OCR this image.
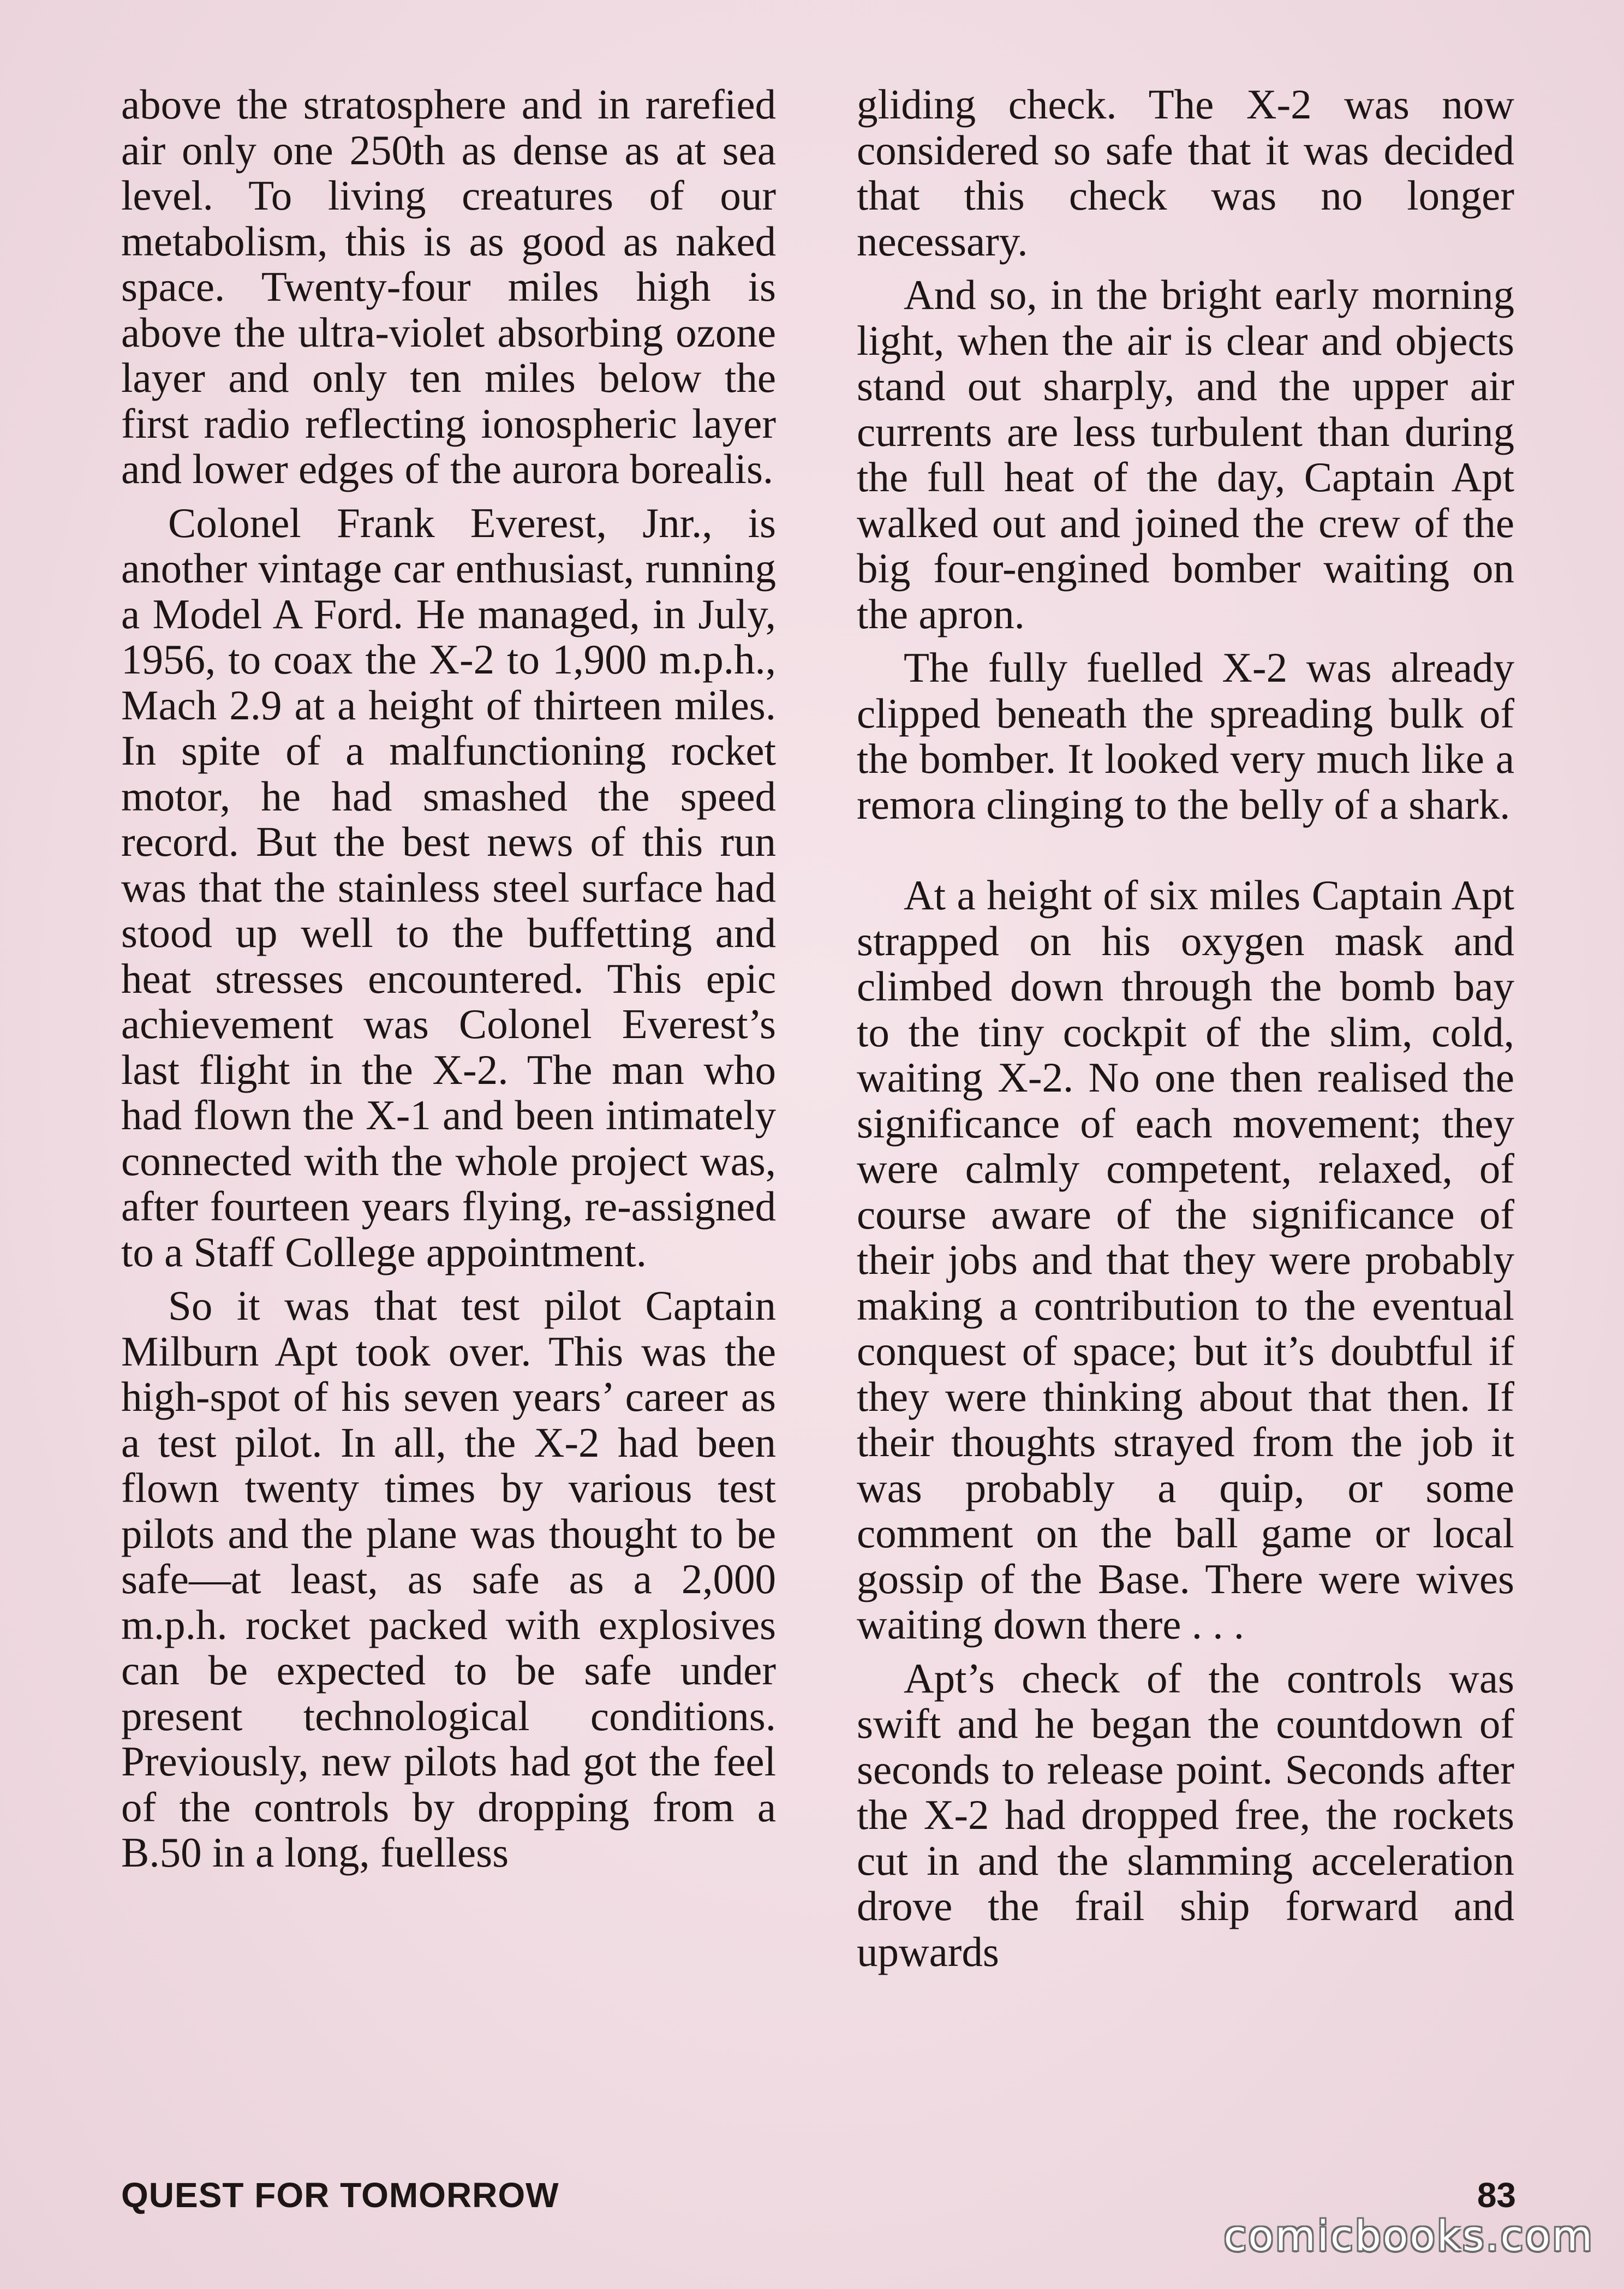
above the stratosphere and in rarefied air only one 250th as dense as at sea level. To living creatures of our metabolism, this is as good as naked space. Twenty-four miles high is above the ultra-violet absorbing ozone layer and only ten miles below the first radio reflecting ionospheric layer and lower edges of the aurora borealis.

Colonel Frank Everest, Jnr., is another vintage car enthusiast, running a Model A Ford. He managed, in July, 1956, to coax the X-2 to 1,900 m.p.h., Mach 2.9 at a height of thirteen miles. In spite of a malfunctioning rocket motor, he had smashed the speed record. But the best news of this run was that the stainless steel surface had stood up well to the buffetting and heat stresses encountered. This epic achievement was Colonel Everest’s last flight in the X-2. The man who had flown the X-1 and been intimately connected with the whole project was, after fourteen years flying, re-assigned to a Staff College appointment.

So it was that test pilot Captain Milburn Apt took over. This was the high-spot of his seven years’ career as a test pilot. In all, the X-2 had been flown twenty times by various test pilots and the plane was thought to be safe—at least, as safe as a 2,000 m.p.h. rocket packed with explosives can be expected to be safe under present technological conditions. Previously, new pilots had got the feel of the controls by dropping from a B.50 in a long, fuelless

gliding check. The X-2 was now considered so safe that it was decided that this check was no longer necessary.

And so, in the bright early morning light, when the air is clear and objects stand out sharply, and the upper air currents are less turbulent than during the full heat of the day, Captain Apt walked out and joined the crew of the big four-engined bomber waiting on the apron.

The fully fuelled X-2 was already clipped beneath the spreading bulk of the bomber. It looked very much like a remora clinging to the belly of a shark.

At a height of six miles Captain Apt strapped on his oxygen mask and climbed down through the bomb bay to the tiny cockpit of the slim, cold, waiting X-2. No one then realised the significance of each movement; they were calmly competent, relaxed, of course aware of the significance of their jobs and that they were probably making a contribution to the eventual conquest of space; but it’s doubtful if they were thinking about that then. If their thoughts strayed from the job it was probably a quip, or some comment on the ball game or local gossip of the Base. There were wives waiting down there . . .

Apt’s check of the controls was swift and he began the countdown of seconds to release point. Seconds after the X-2 had dropped free, the rockets cut in and the slamming acceleration drove the frail ship forward and upwards

QUEST FOR TOMORROW	83
comicbooks.com
